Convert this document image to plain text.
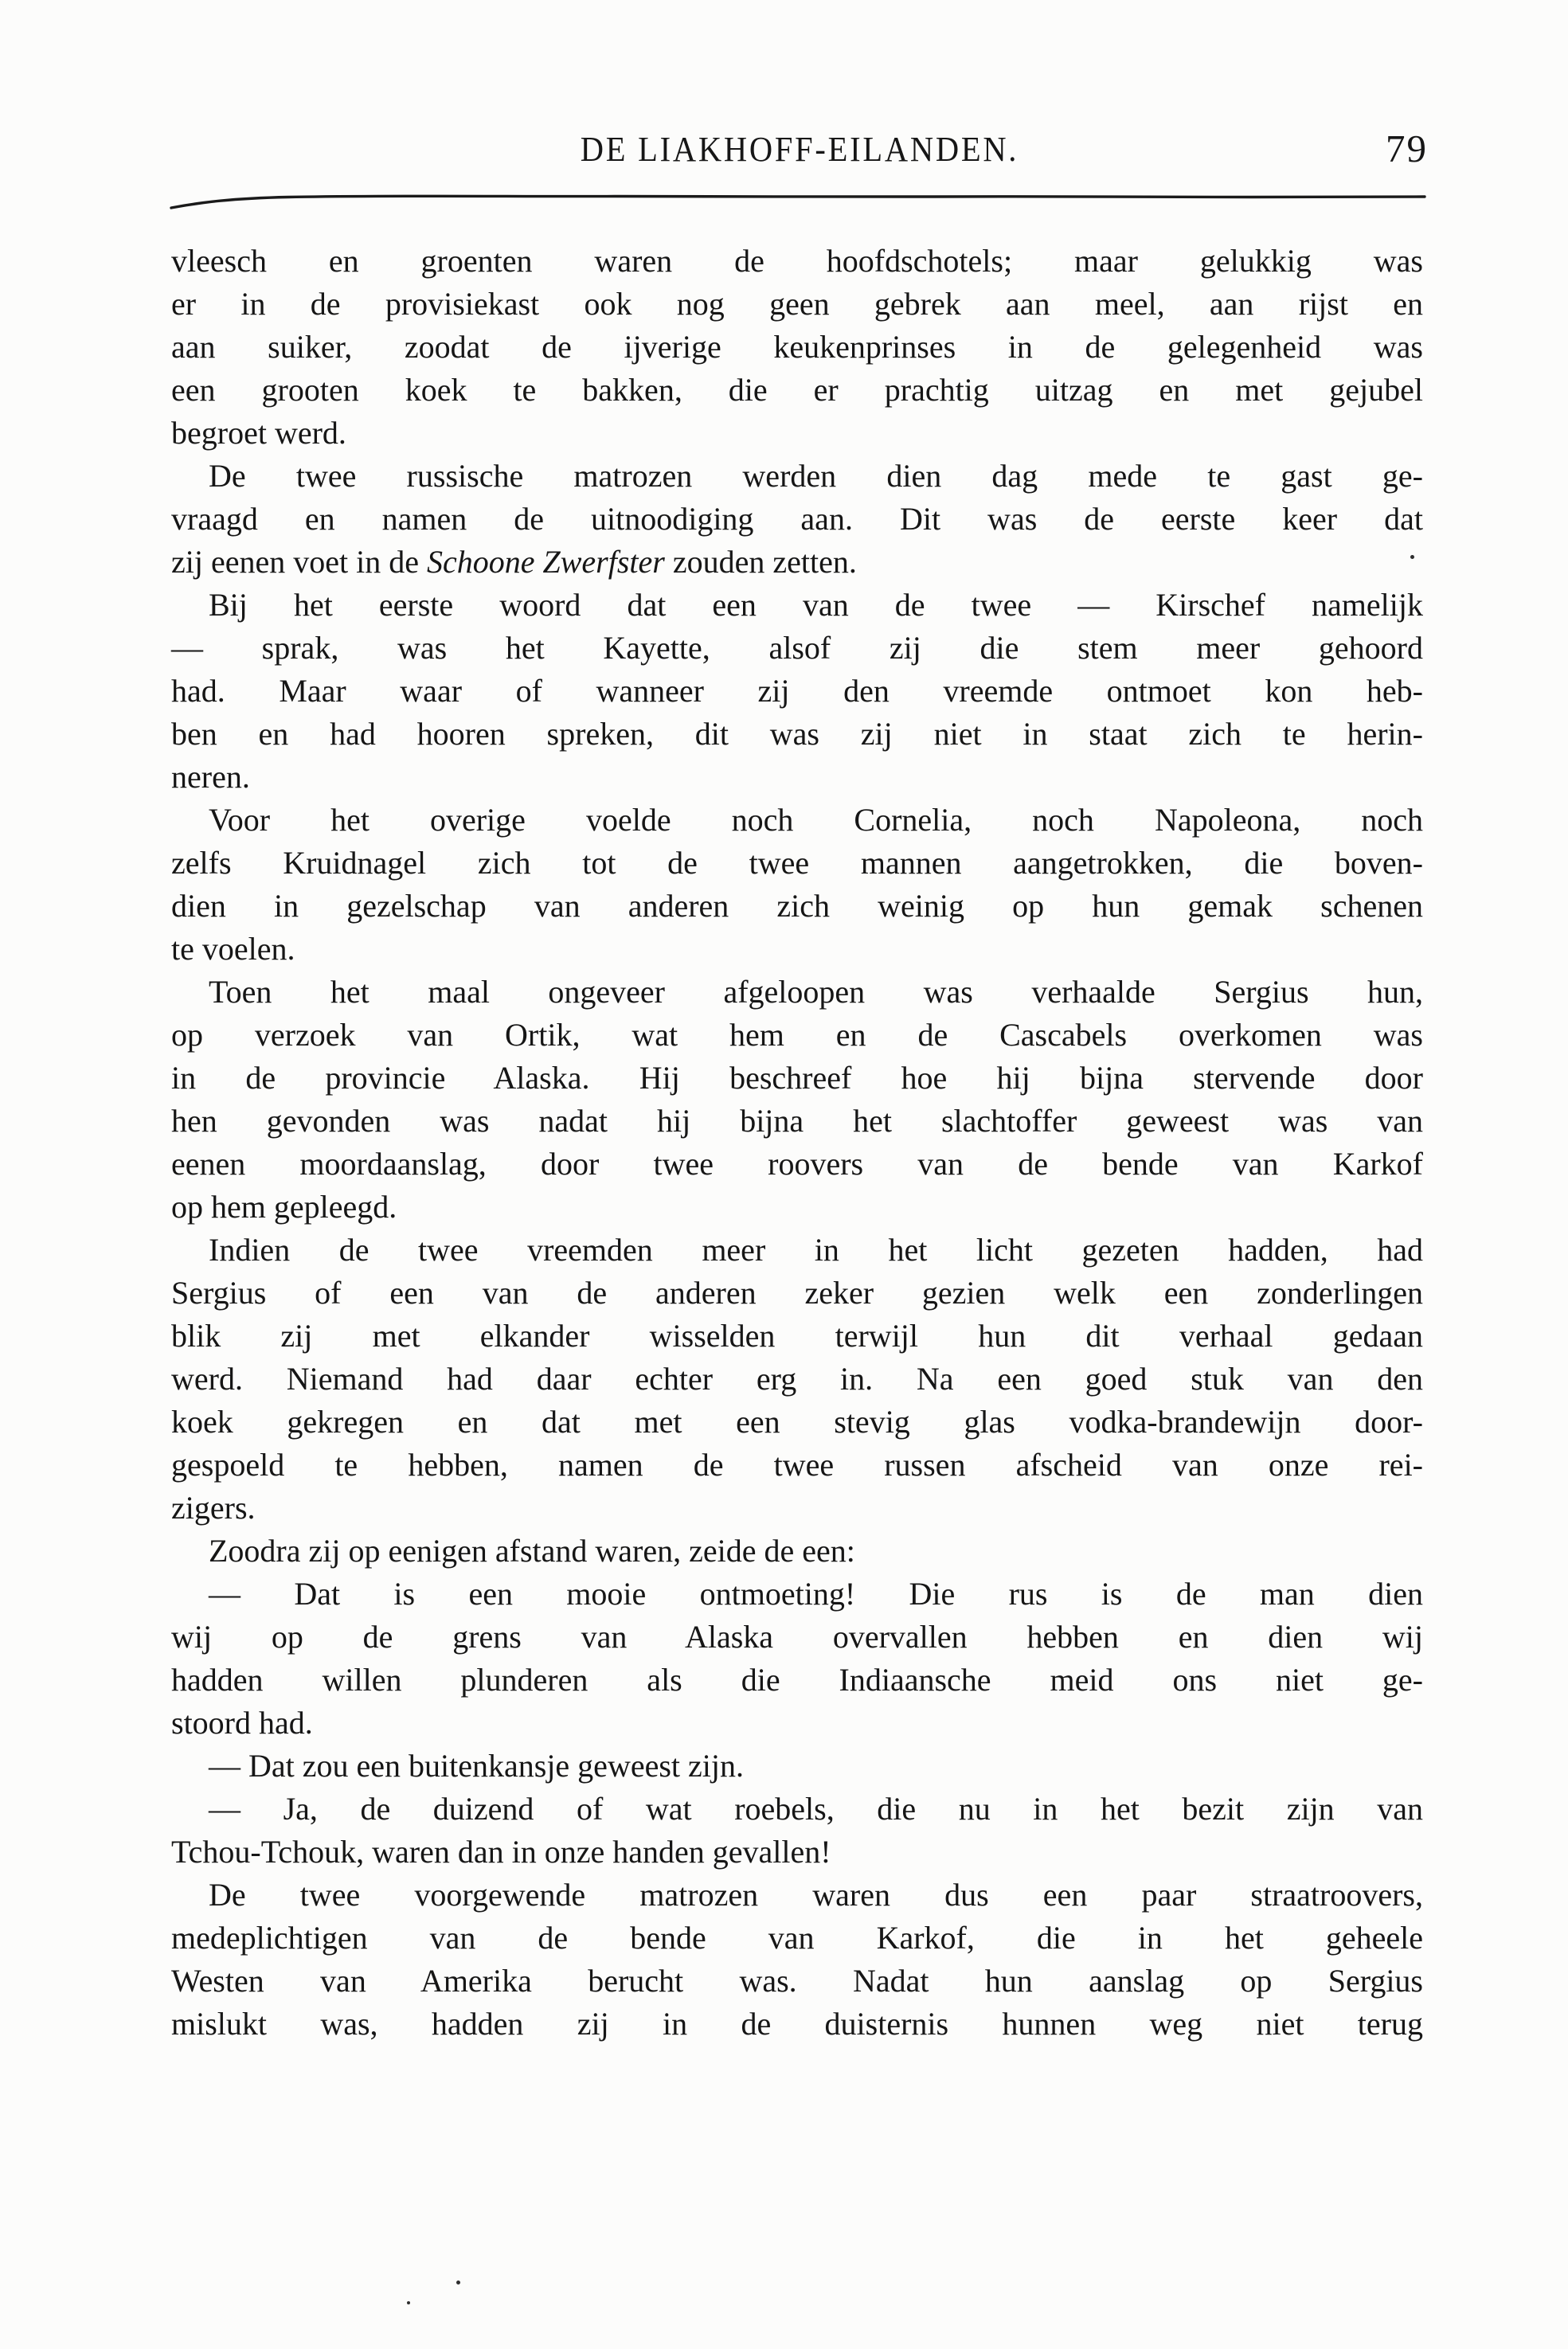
DE LIAKHOFF-EILANDEN.	79
vleesch en groenten waren de hoofdschotels; maar gelukkig was
er in de provisiekast ook nog geen gebrek aan meel, aan rijst en
aan suiker, zoodat de ijverige keukenprinses in de gelegenheid was
een grooten koek te bakken, die er prachtig uitzag en met gejubel
begroet werd.
De twee russische matrozen werden dien dag mede te gast ge-
vraagd en namen de uitnoodiging aan. Dit was de eerste keer dat
zij eenen voet in de Schoone Zwerfster zouden zetten.
Bij het eerste woord dat een van de twee — Kirschef namelijk
— sprak, was het Kayette, alsof zij die stem meer gehoord
had. Maar waar of wanneer zij den vreemde ontmoet kon heb-
ben en had hooren spreken, dit was zij niet in staat zich te herin-
neren.
Voor het overige voelde noch Cornelia, noch Napoleona, noch
zelfs Kruidnagel zich tot de twee mannen aangetrokken, die boven-
dien in gezelschap van anderen zich weinig op hun gemak schenen
te voelen.
Toen het maal ongeveer afgeloopen was verhaalde Sergius hun,
op verzoek van Ortik, wat hem en de Cascabels overkomen was
in de provincie Alaska. Hij beschreef hoe hij bijna stervende door
hen gevonden was nadat hij bijna het slachtoffer geweest was van
eenen moordaanslag, door twee roovers van de bende van Karkof
op hem gepleegd.
Indien de twee vreemden meer in het licht gezeten hadden, had
Sergius of een van de anderen zeker gezien welk een zonderlingen
blik zij met elkander wisselden terwijl hun dit verhaal gedaan
werd. Niemand had daar echter erg in. Na een goed stuk van den
koek gekregen en dat met een stevig glas vodka-brandewijn door-
gespoeld te hebben, namen de twee russen afscheid van onze rei-
zigers.
Zoodra zij op eenigen afstand waren, zeide de een:
— Dat is een mooie ontmoeting! Die rus is de man dien
wij op de grens van Alaska overvallen hebben en dien wij
hadden willen plunderen als die Indiaansche meid ons niet ge-
stoord had.
— Dat zou een buitenkansje geweest zijn.
— Ja, de duizend of wat roebels, die nu in het bezit zijn van
Tchou-Tchouk, waren dan in onze handen gevallen!
De twee voorgewende matrozen waren dus een paar straatroovers,
medeplichtigen van de bende van Karkof, die in het geheele
Westen van Amerika berucht was. Nadat hun aanslag op Sergius
mislukt was, hadden zij in de duisternis hunnen weg niet terug
